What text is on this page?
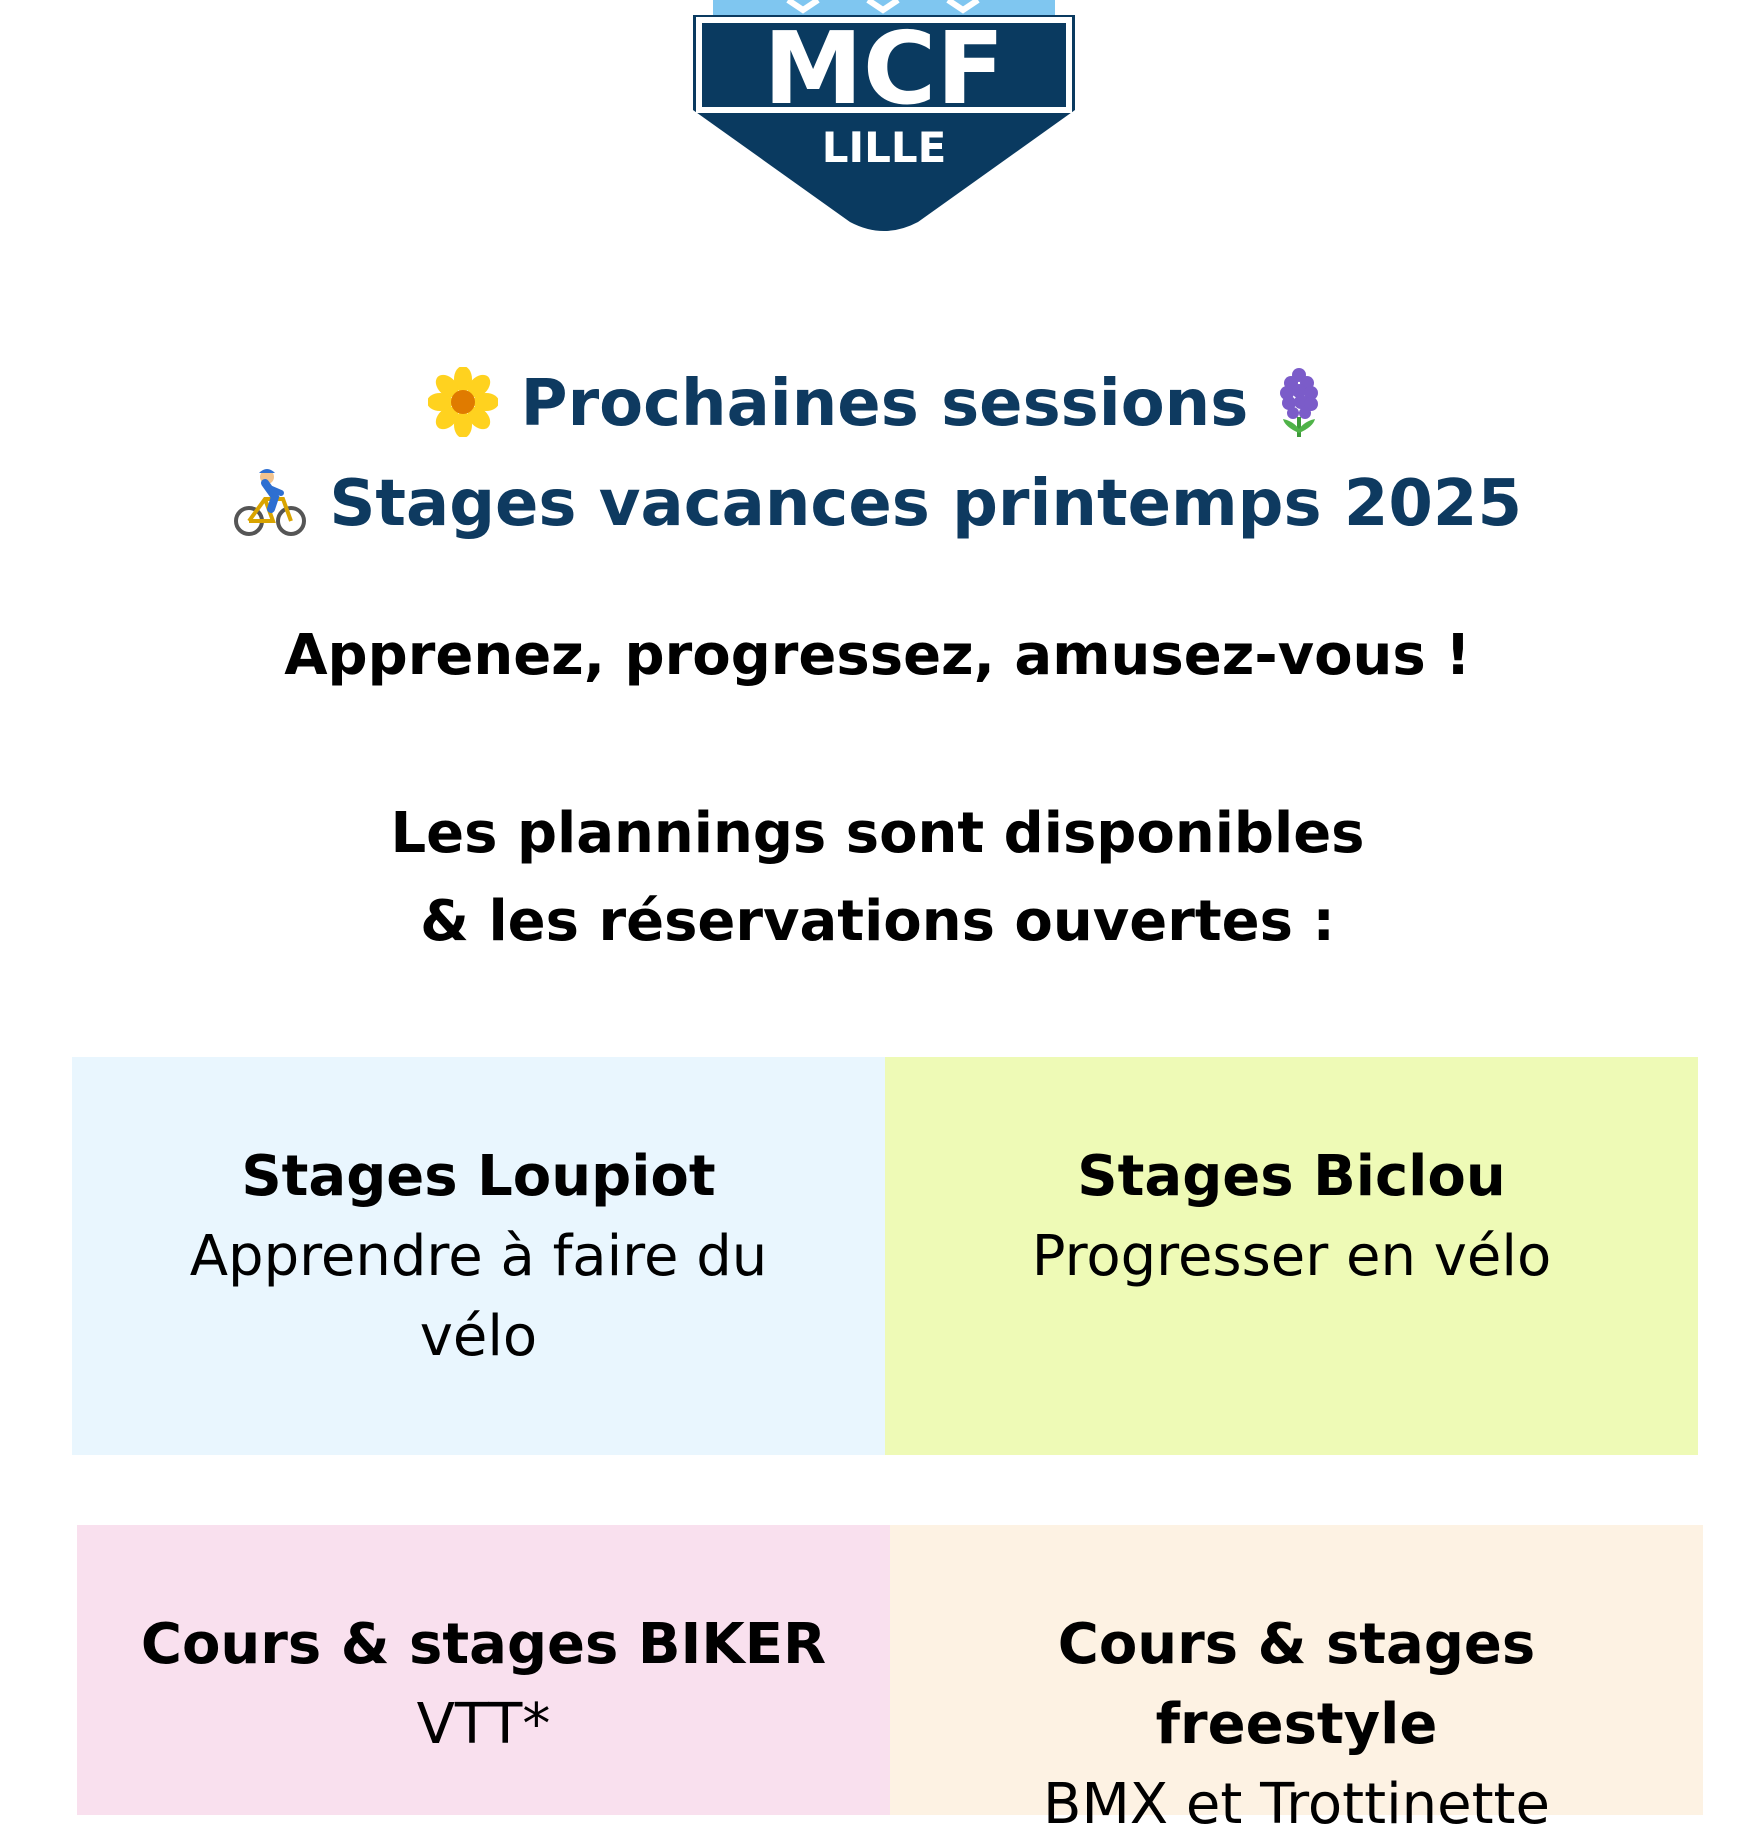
MCF
LILLE
Prochaines sessions
Stages vacances printemps 2025
Apprenez, progressez, amusez-vous !
Les plannings sont disponibles
& les réservations ouvertes :
Stages Loupiot
Apprendre à faire du vélo
Stages Biclou
Progresser en vélo
Cours & stages BIKER
VTT*
Cours & stages freestyle
BMX et Trottinette
